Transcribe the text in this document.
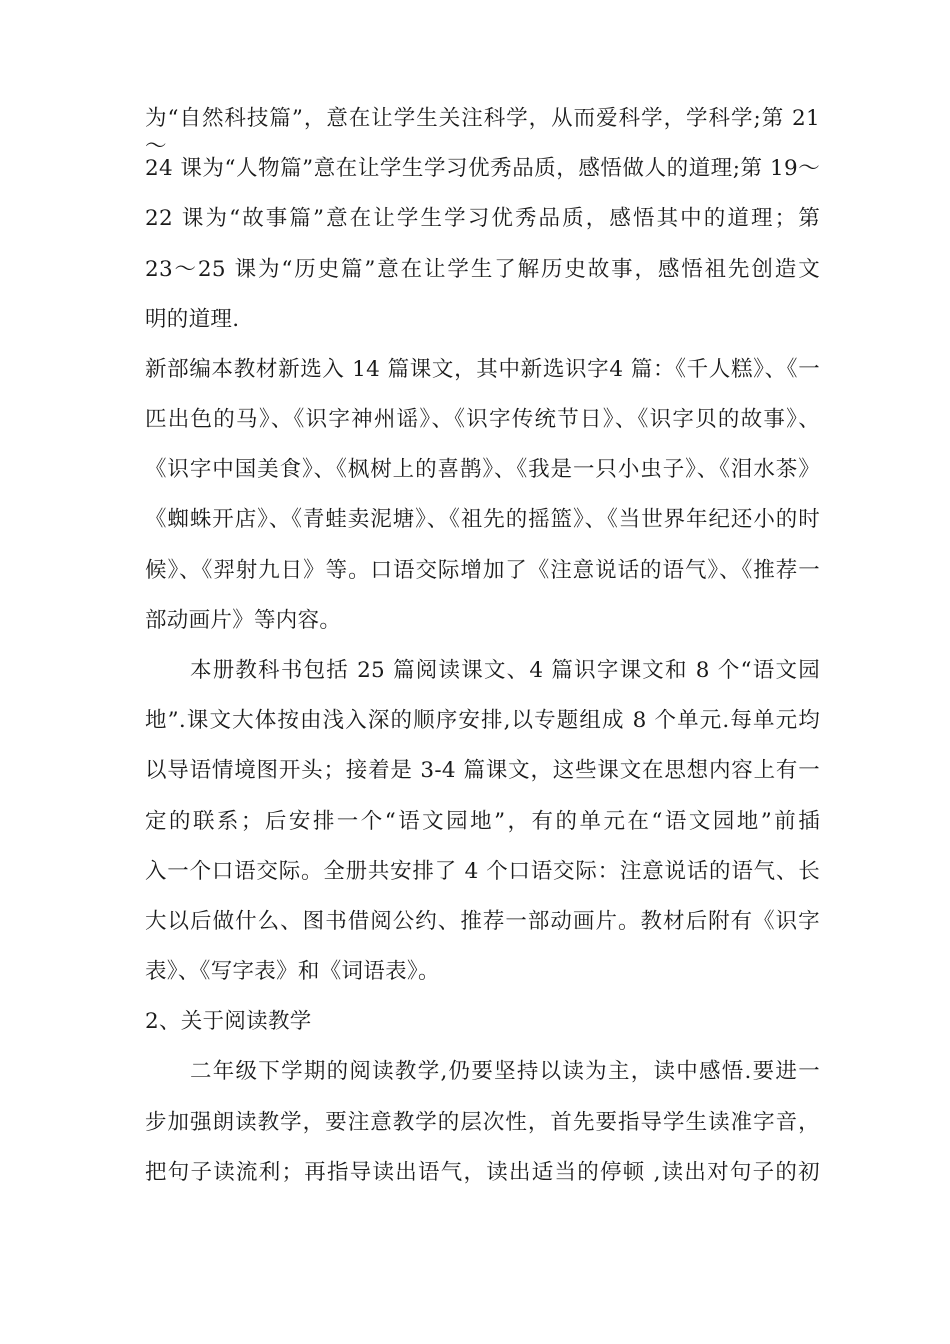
为“自然科技篇”，意在让学生关注科学，从而爱科学，学科学;第 21～
24 课为“人物篇”意在让学生学习优秀品质，感悟做人的道理;第 19～
22 课为“故事篇”意在让学生学习优秀品质，感悟其中的道理；第
23～25 课为“历史篇”意在让学生了解历史故事，感悟祖先创造文
明的道理.
新部编本教材新选入 14 篇课文，其中新选识字4 篇：《千人糕》、《一
匹出色的马》、《识字神州谣》、《识字传统节日》、《识字贝的故事》、
《识字中国美食》、《枫树上的喜鹊》、《我是一只小虫子》、《泪水茶》
《蜘蛛开店》、《青蛙卖泥塘》、《祖先的摇篮》、《当世界年纪还小的时
候》、《羿射九日》等。口语交际增加了《注意说话的语气》、《推荐一
部动画片》等内容。
本册教科书包括 25 篇阅读课文、4 篇识字课文和 8 个“语文园
地”.课文大体按由浅入深的顺序安排,以专题组成 8 个单元.每单元均
以导语情境图开头；接着是 3-4 篇课文，这些课文在思想内容上有一
定的联系；后安排一个“语文园地”，有的单元在“语文园地”前插
入一个口语交际。全册共安排了 4 个口语交际：注意说话的语气、长
大以后做什么、图书借阅公约、推荐一部动画片。教材后附有《识字
表》、《写字表》和《词语表》。
2、关于阅读教学
二年级下学期的阅读教学,仍要坚持以读为主，读中感悟.要进一
步加强朗读教学，要注意教学的层次性，首先要指导学生读准字音，
把句子读流利；再指导读出语气，读出适当的停顿 ,读出对句子的初
